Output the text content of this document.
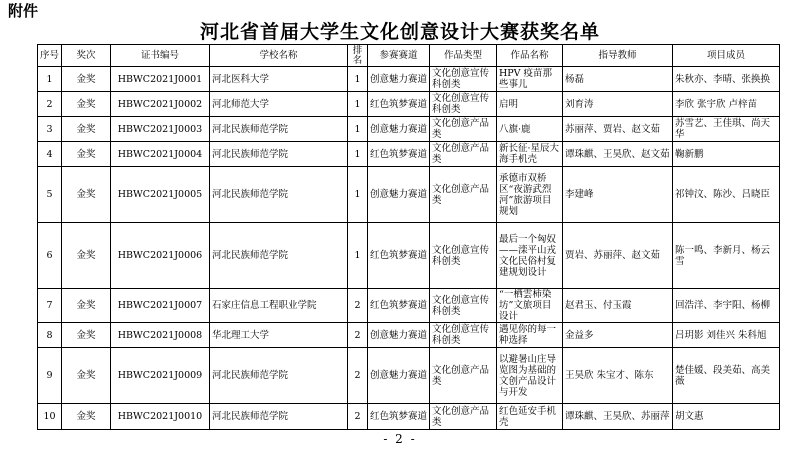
附件
河北省首届大学生文化创意设计大赛获奖名单
序号	奖次	证书编号	学校名称	排名	参赛赛道	作品类型	作品名称	指导教师	项目成员
1	金奖	HBWC2021J0001	河北医科大学	1	创意魅力赛道	文化创意宣传科创类	HPV 疫苗那些事儿	杨磊	朱秋亦、李晴、张换换
2	金奖	HBWC2021J0002	河北师范大学	1	红色筑梦赛道	文化创意宣传科创类	启明	刘育涛	李欣 张宇欣 卢梓苗
3	金奖	HBWC2021J0003	河北民族师范学院	1	创意魅力赛道	文化创意产品类	八旗·鹿	苏丽萍、贾岩、赵文茹	苏雪艺、王佳琪、尚天华
4	金奖	HBWC2021J0004	河北民族师范学院	1	红色筑梦赛道	文化创意产品类	新长征·星辰大海手机壳	谭珠麒、王昊欣、赵文茹	鞠新鹏
5	金奖	HBWC2021J0005	河北民族师范学院	1	创意魅力赛道	文化创意产品类	承德市双桥区“夜游武烈河”旅游项目规划	李建峰	祁钟汶、陈沙、吕晓臣
6	金奖	HBWC2021J0006	河北民族师范学院	1	红色筑梦赛道	文化创意宣传科创类	最后一个匈奴——滦平山戎文化民俗村复建规划设计	贾岩、苏丽萍、赵文茹	陈一鸣、李新月、杨云雪
7	金奖	HBWC2021J0007	石家庄信息工程职业学院	2	红色筑梦赛道	文化创意宣传科创类	“一栖雲柿染坊”文旅项目设计	赵君玉、付玉霞	回浩洋、李宇阳、杨柳
8	金奖	HBWC2021J0008	华北理工大学	2	创意魅力赛道	文化创意宣传科创类	遇见你的每一种选择	金益多	吕玥影 刘佳兴 朱科旭
9	金奖	HBWC2021J0009	河北民族师范学院	2	创意魅力赛道	文化创意产品类	以避暑山庄导览图为基础的文创产品设计与开发	王昊欣 朱宝才、陈东	楚佳媛、段美茹、高美薇
10	金奖	HBWC2021J0010	河北民族师范学院	2	红色筑梦赛道	文化创意产品类	红色延安手机壳	谭珠麒、王昊欣、苏丽萍	胡文惠
- 2 -
